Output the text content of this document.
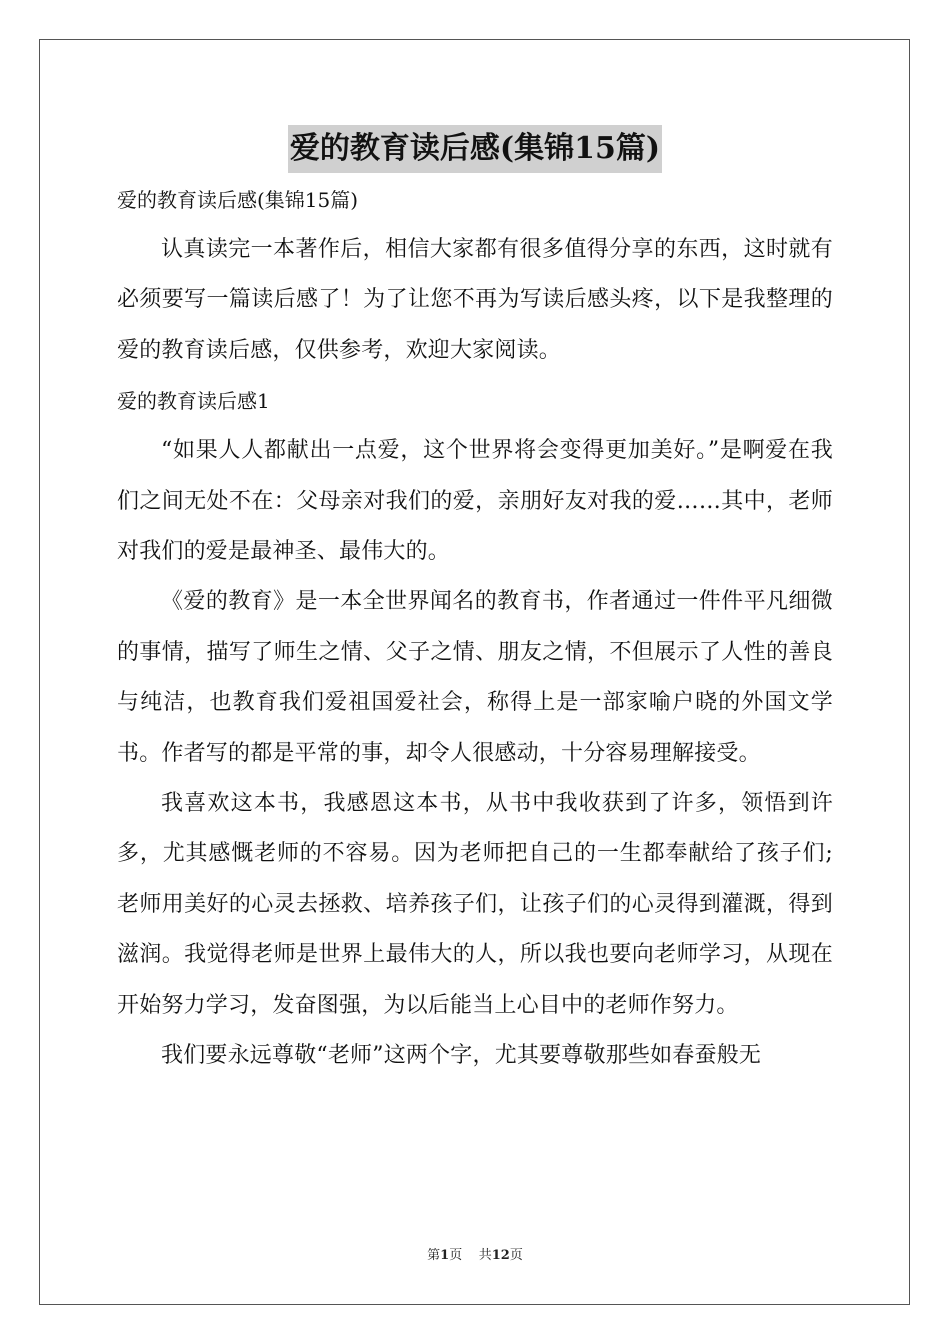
爱的教育读后感(集锦15篇)

爱的教育读后感(集锦15篇)

认真读完一本著作后，相信大家都有很多值得分享的东西，这时就有必须要写一篇读后感了！为了让您不再为写读后感头疼，以下是我整理的爱的教育读后感，仅供参考，欢迎大家阅读。

爱的教育读后感1

“如果人人都献出一点爱，这个世界将会变得更加美好。”是啊爱在我们之间无处不在：父母亲对我们的爱，亲朋好友对我的爱……其中，老师对我们的爱是最神圣、最伟大的。

《爱的教育》是一本全世界闻名的教育书，作者通过一件件平凡细微的事情，描写了师生之情、父子之情、朋友之情，不但展示了人性的善良与纯洁，也教育我们爱祖国爱社会，称得上是一部家喻户晓的外国文学书。作者写的都是平常的事，却令人很感动，十分容易理解接受。

我喜欢这本书，我感恩这本书，从书中我收获到了许多，领悟到许多，尤其感慨老师的不容易。因为老师把自己的一生都奉献给了孩子们;老师用美好的心灵去拯救、培养孩子们，让孩子们的心灵得到灌溉，得到滋润。我觉得老师是世界上最伟大的人，所以我也要向老师学习，从现在开始努力学习，发奋图强，为以后能当上心目中的老师作努力。

我们要永远尊敬“老师”这两个字，尤其要尊敬那些如春蚕般无

第1页    共12页
